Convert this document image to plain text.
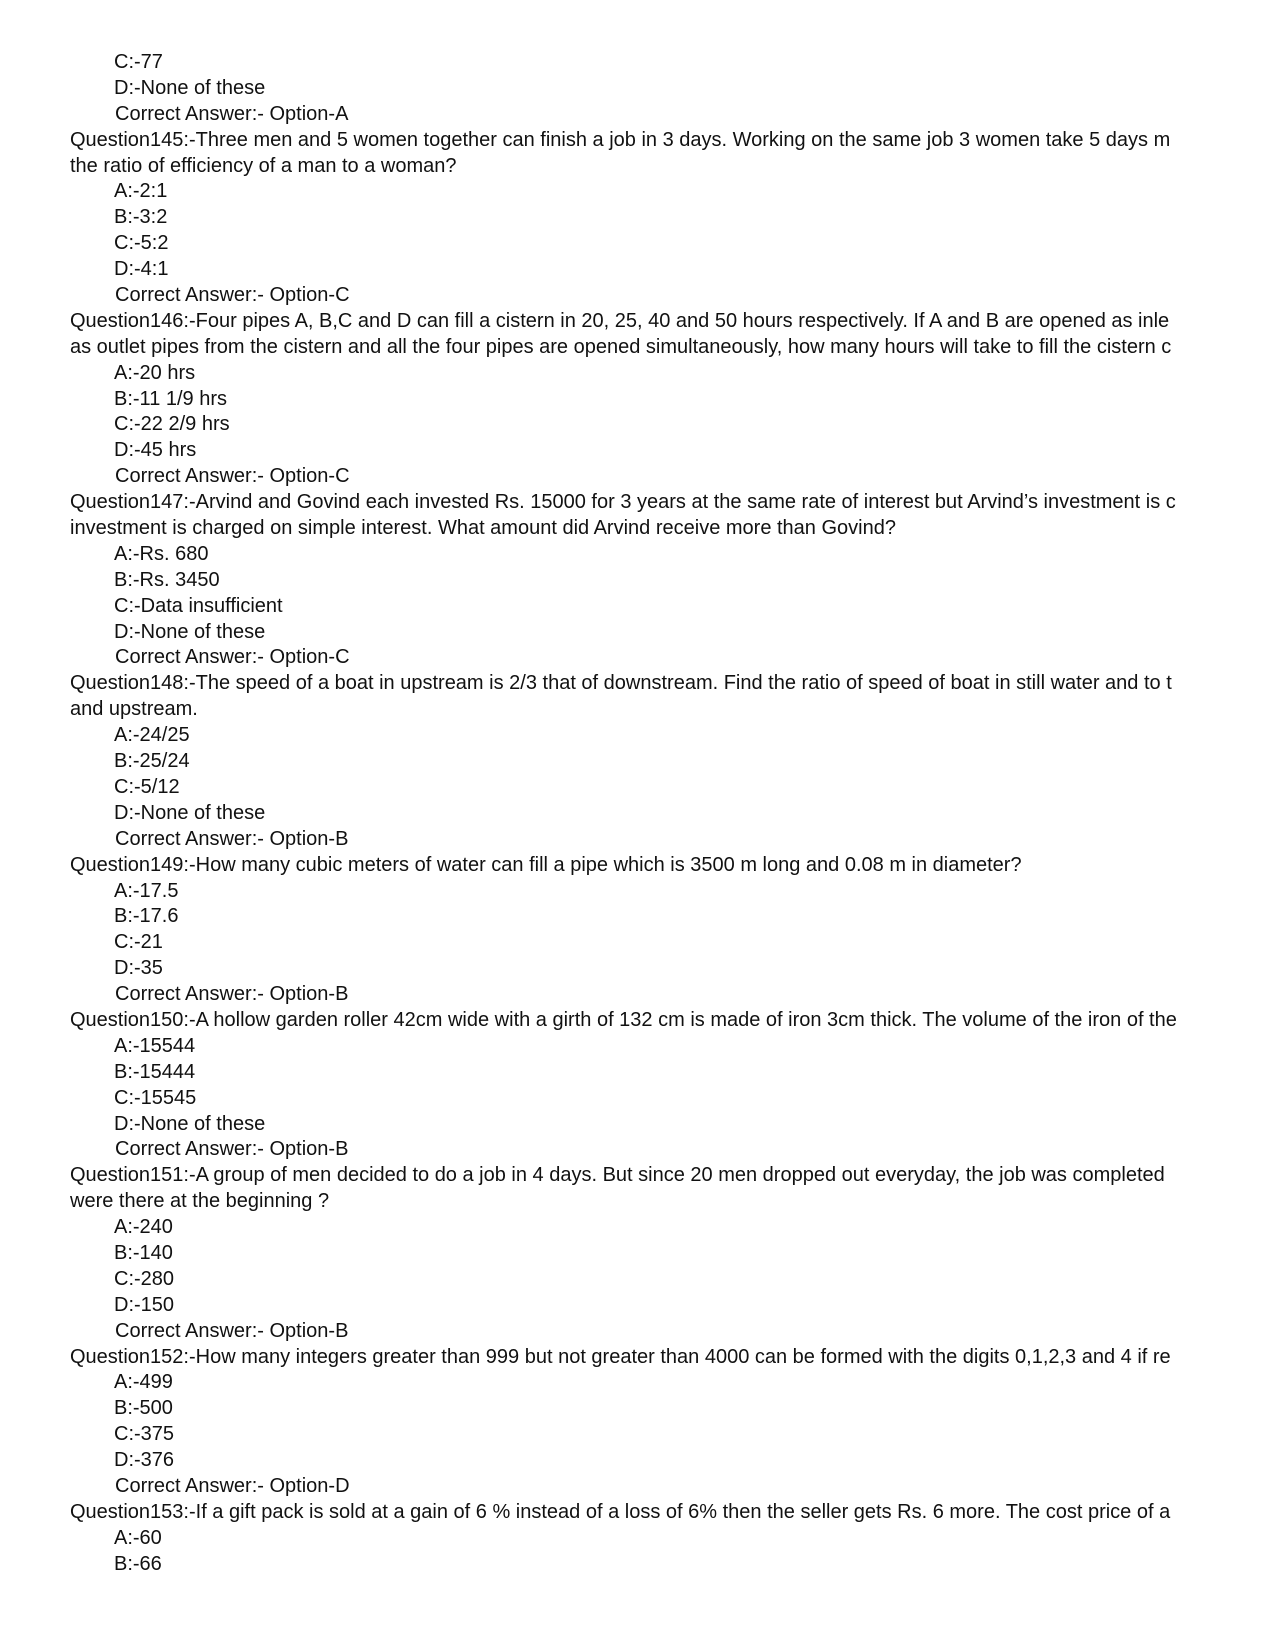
C:-77
D:-None of these
Correct Answer:- Option-A
Question145:-Three men and 5 women together can finish a job in 3 days. Working on the same job 3 women take 5 days m
the ratio of efficiency of a man to a woman?
A:-2:1
B:-3:2
C:-5:2
D:-4:1
Correct Answer:- Option-C
Question146:-Four pipes A, B,C and D can fill a cistern in 20, 25, 40 and 50 hours respectively. If A and B are opened as inle
as outlet pipes from the cistern and all the four pipes are opened simultaneously, how many hours will take to fill the cistern c
A:-20 hrs
B:-11 1/9 hrs
C:-22 2/9 hrs
D:-45 hrs
Correct Answer:- Option-C
Question147:-Arvind and Govind each invested Rs. 15000 for 3 years at the same rate of interest but Arvind’s investment is c
investment is charged on simple interest. What amount did Arvind receive more than Govind?
A:-Rs. 680
B:-Rs. 3450
C:-Data insufficient
D:-None of these
Correct Answer:- Option-C
Question148:-The speed of a boat in upstream is 2/3 that of downstream. Find the ratio of speed of boat in still water and to t
and upstream.
A:-24/25
B:-25/24
C:-5/12
D:-None of these
Correct Answer:- Option-B
Question149:-How many cubic meters of water can fill a pipe which is 3500 m long and 0.08 m in diameter?
A:-17.5
B:-17.6
C:-21
D:-35
Correct Answer:- Option-B
Question150:-A hollow garden roller 42cm wide with a girth of 132 cm is made of iron 3cm thick. The volume of the iron of the
A:-15544
B:-15444
C:-15545
D:-None of these
Correct Answer:- Option-B
Question151:-A group of men decided to do a job in 4 days. But since 20 men dropped out everyday, the job was completed
were there at the beginning ?
A:-240
B:-140
C:-280
D:-150
Correct Answer:- Option-B
Question152:-How many integers greater than 999 but not greater than 4000 can be formed with the digits 0,1,2,3 and 4 if re
A:-499
B:-500
C:-375
D:-376
Correct Answer:- Option-D
Question153:-If a gift pack is sold at a gain of 6 % instead of a loss of 6% then the seller gets Rs. 6 more. The cost price of a
A:-60
B:-66
